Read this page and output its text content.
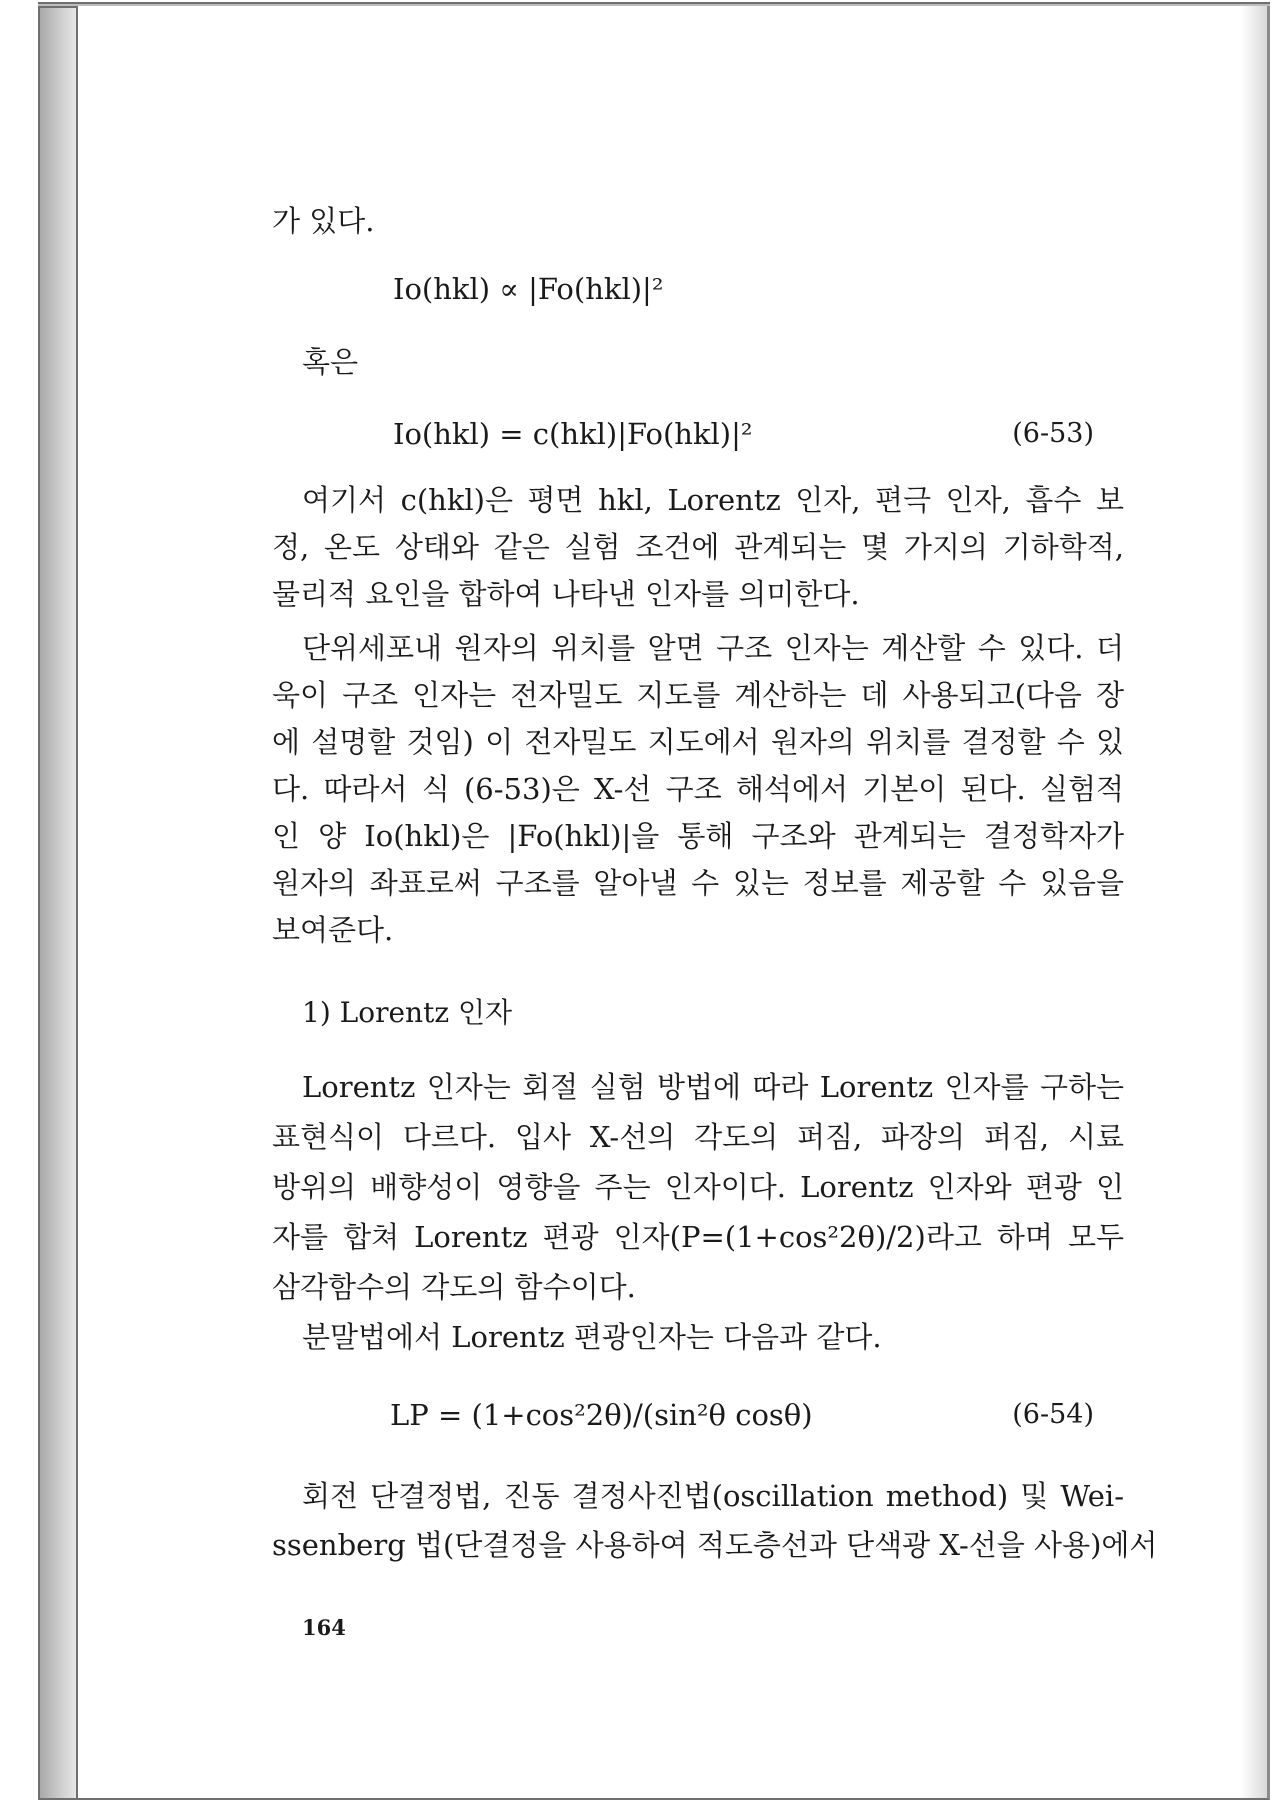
가 있다.
Io(hkl) ∝ |Fo(hkl)|²
혹은
Io(hkl) = c(hkl)|Fo(hkl)|²	(6-53)
여기서 c(hkl)은 평면 hkl, Lorentz 인자, 편극 인자, 흡수 보
정, 온도 상태와 같은 실험 조건에 관계되는 몇 가지의 기하학적,
물리적 요인을 합하여 나타낸 인자를 의미한다.
단위세포내 원자의 위치를 알면 구조 인자는 계산할 수 있다. 더
욱이 구조 인자는 전자밀도 지도를 계산하는 데 사용되고(다음 장
에 설명할 것임) 이 전자밀도 지도에서 원자의 위치를 결정할 수 있
다. 따라서 식 (6-53)은 X-선 구조 해석에서 기본이 된다. 실험적
인 양 Io(hkl)은 |Fo(hkl)|을 통해 구조와 관계되는 결정학자가
원자의 좌표로써 구조를 알아낼 수 있는 정보를 제공할 수 있음을
보여준다.
1) Lorentz 인자
Lorentz 인자는 회절 실험 방법에 따라 Lorentz 인자를 구하는
표현식이 다르다. 입사 X-선의 각도의 퍼짐, 파장의 퍼짐, 시료
방위의 배향성이 영향을 주는 인자이다. Lorentz 인자와 편광 인
자를 합쳐 Lorentz 편광 인자(P=(1+cos²2θ)/2)라고 하며 모두
삼각함수의 각도의 함수이다.
분말법에서 Lorentz 편광인자는 다음과 같다.
LP = (1+cos²2θ)/(sin²θ cosθ)	(6-54)
회전 단결정법, 진동 결정사진법(oscillation method) 및 Wei-
ssenberg 법(단결정을 사용하여 적도층선과 단색광 X-선을 사용)에서
164
